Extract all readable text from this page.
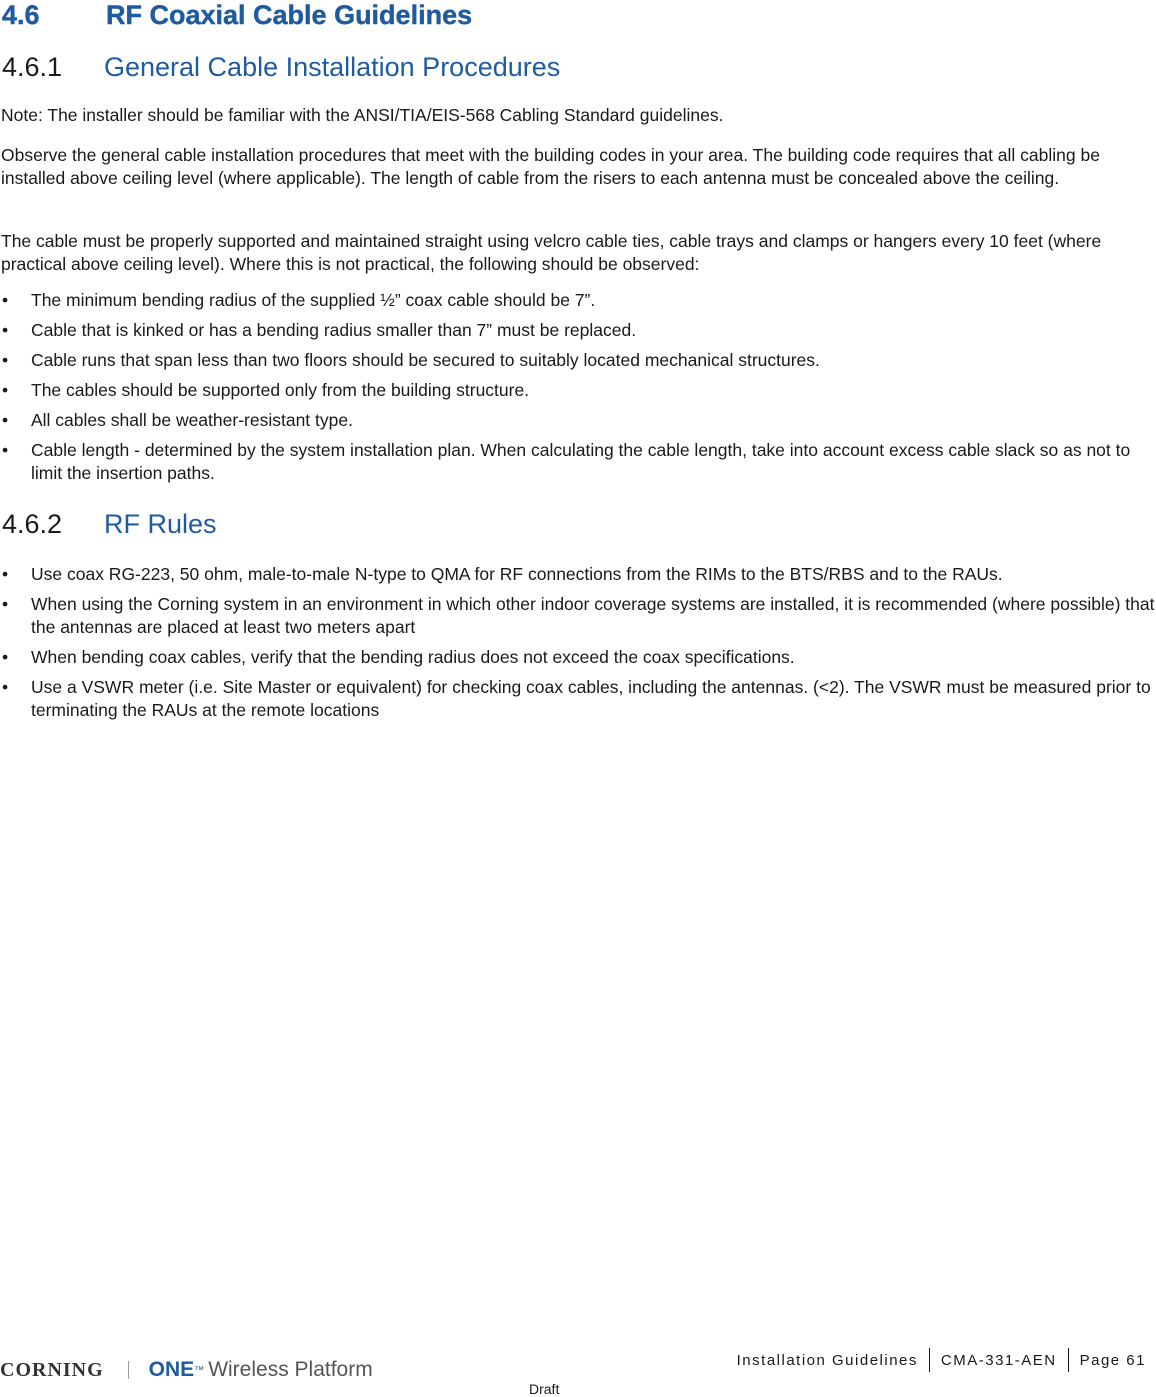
4.6 RF Coaxial Cable Guidelines
4.6.1 General Cable Installation Procedures

Note: The installer should be familiar with the ANSI/TIA/EIS-568 Cabling Standard guidelines.

Observe the general cable installation procedures that meet with the building codes in your area. The building code requires that all cabling be installed above ceiling level (where applicable). The length of cable from the risers to each antenna must be concealed above the ceiling.

The cable must be properly supported and maintained straight using velcro cable ties, cable trays and clamps or hangers every 10 feet (where practical above ceiling level). Where this is not practical, the following should be observed:

• The minimum bending radius of the supplied ½” coax cable should be 7”.
• Cable that is kinked or has a bending radius smaller than 7” must be replaced.
• Cable runs that span less than two floors should be secured to suitably located mechanical structures.
• The cables should be supported only from the building structure.
• All cables shall be weather-resistant type.
• Cable length - determined by the system installation plan. When calculating the cable length, take into account excess cable slack so as not to limit the insertion paths.
4.6.2 RF Rules
• Use coax RG-223, 50 ohm, male-to-male N-type to QMA for RF connections from the RIMs to the BTS/RBS and to the RAUs.
• When using the Corning system in an environment in which other indoor coverage systems are installed, it is recommended (where possible) that the antennas are placed at least two meters apart
• When bending coax cables, verify that the bending radius does not exceed the coax specifications.
• Use a VSWR meter (i.e. Site Master or equivalent) for checking coax cables, including the antennas. (<2). The VSWR must be measured prior to terminating the RAUs at the remote locations
CORNING ONE ™ Wireless Platform	Installation Guidelines CMA-331-AEN Page 61
Draft
